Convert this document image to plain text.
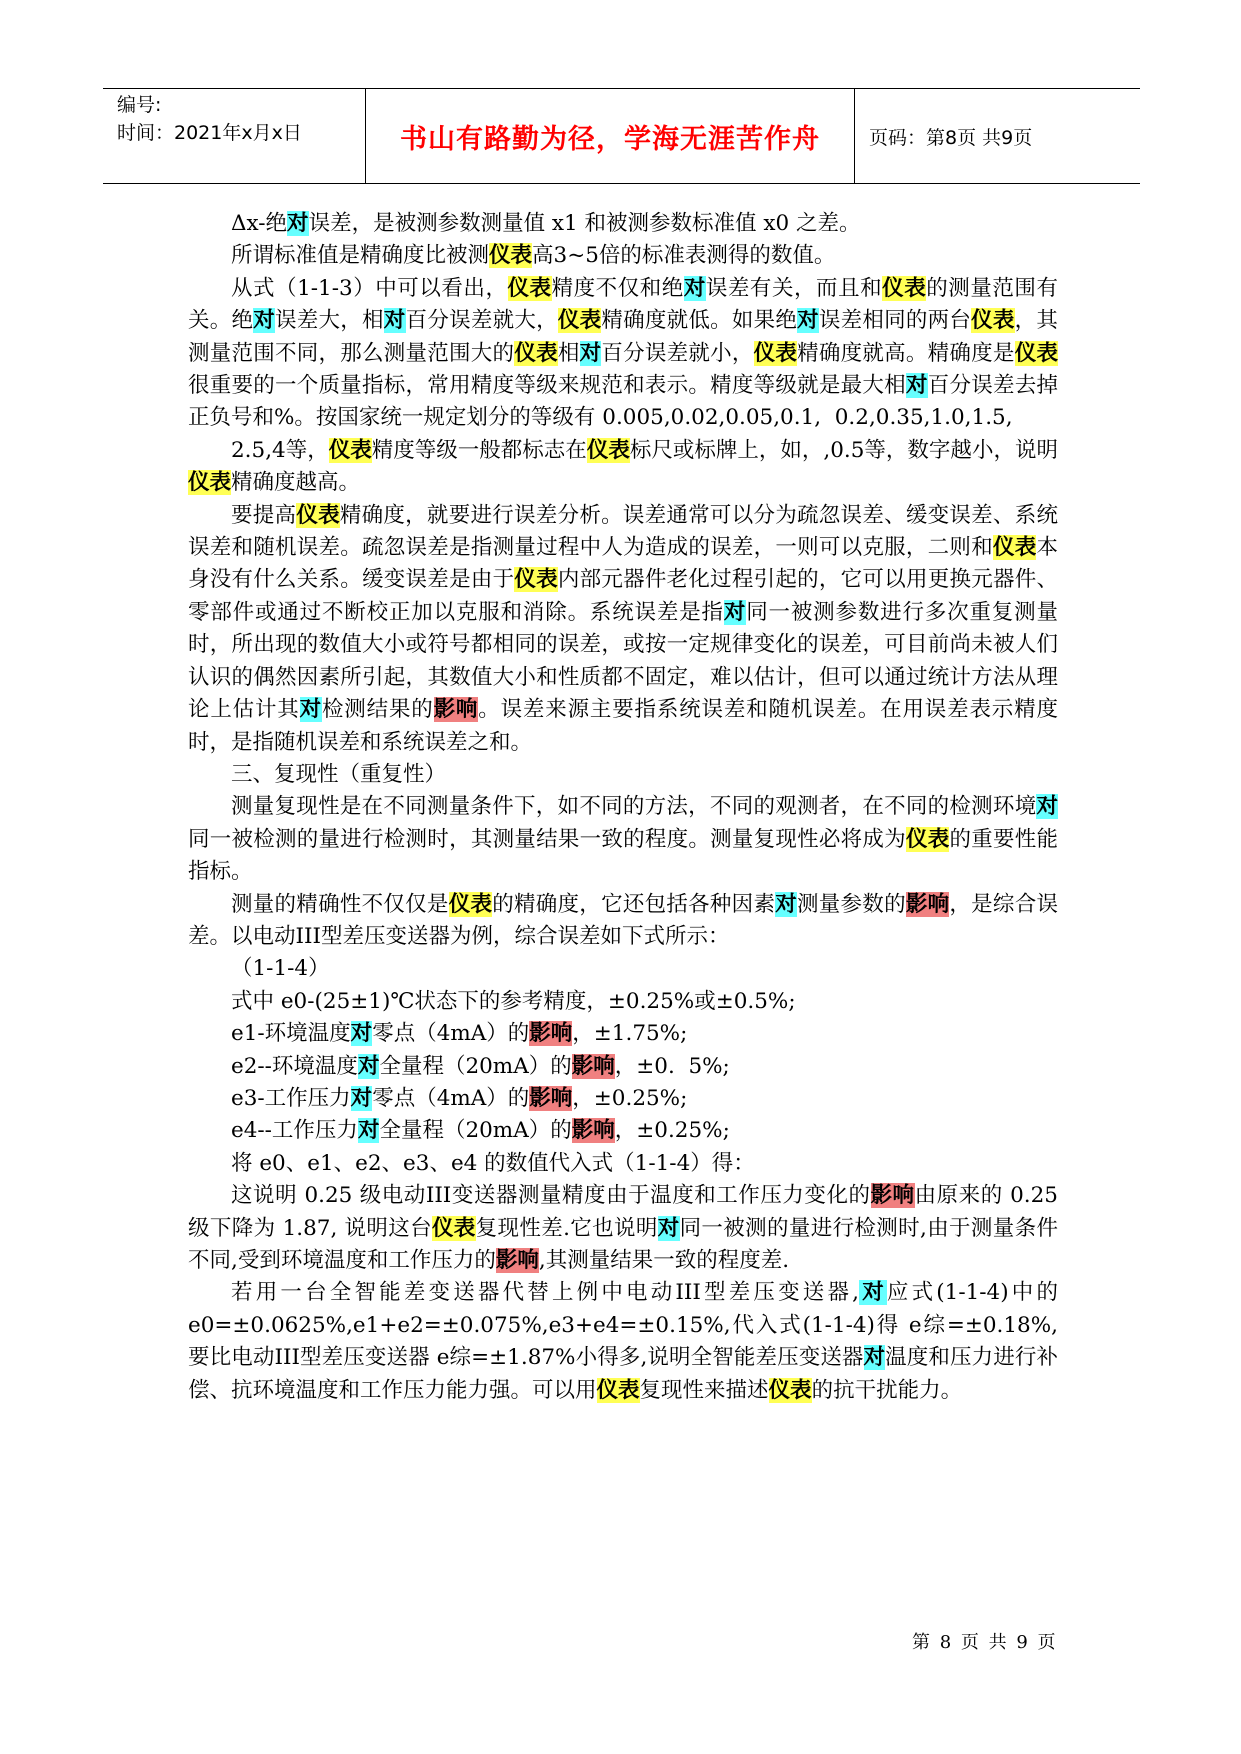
编号:
时间：2021年x月x日	书山有路勤为径，学海无涯苦作舟	页码：第8页 共9页

Δx-绝对误差，是被测参数测量值 x1 和被测参数标准值 x0 之差。

所谓标准值是精确度比被测仪表高3~5倍的标准表测得的数值。

从式（1-1-3）中可以看出，仪表精度不仅和绝对误差有关，而且和仪表的测量范围有关。绝对误差大，相对百分误差就大，仪表精确度就低。如果绝对误差相同的两台仪表，其测量范围不同，那么测量范围大的仪表相对百分误差就小，仪表精确度就高。精确度是仪表很重要的一个质量指标，常用精度等级来规范和表示。精度等级就是最大相对百分误差去掉正负号和%。按国家统一规定划分的等级有 0.005,0.02,0.05,0.1,  0.2,0.35,1.0,1.5,

2.5,4等，仪表精度等级一般都标志在仪表标尺或标牌上，如，,0.5等，数字越小，说明仪表精确度越高。

要提高仪表精确度，就要进行误差分析。误差通常可以分为疏忽误差、缓变误差、系统误差和随机误差。疏忽误差是指测量过程中人为造成的误差，一则可以克服，二则和仪表本身没有什么关系。缓变误差是由于仪表内部元器件老化过程引起的，它可以用更换元器件、零部件或通过不断校正加以克服和消除。系统误差是指对同一被测参数进行多次重复测量时，所出现的数值大小或符号都相同的误差，或按一定规律变化的误差，可目前尚未被人们认识的偶然因素所引起，其数值大小和性质都不固定，难以估计，但可以通过统计方法从理论上估计其对检测结果的影响。误差来源主要指系统误差和随机误差。在用误差表示精度时，是指随机误差和系统误差之和。

三、复现性（重复性）

测量复现性是在不同测量条件下，如不同的方法，不同的观测者，在不同的检测环境对同一被检测的量进行检测时，其测量结果一致的程度。测量复现性必将成为仪表的重要性能指标。

测量的精确性不仅仅是仪表的精确度，它还包括各种因素对测量参数的影响，是综合误差。以电动III型差压变送器为例，综合误差如下式所示：

（1-1-4）

式中 e0-(25±1)℃状态下的参考精度，±0.25%或±0.5%;

e1-环境温度对零点（4mA）的影响，±1.75%;

e2--环境温度对全量程（20mA）的影响，±0.  5%;

e3-工作压力对零点（4mA）的影响，±0.25%;

e4--工作压力对全量程（20mA）的影响，±0.25%;

将 e0、e1、e2、e3、e4 的数值代入式（1-1-4）得：

这说明 0.25 级电动III变送器测量精度由于温度和工作压力变化的影响由原来的 0.25 级下降为 1.87, 说明这台仪表复现性差.它也说明对同一被测的量进行检测时,由于测量条件不同,受到环境温度和工作压力的影响,其测量结果一致的程度差.

若用一台全智能差变送器代替上例中电动III型差压变送器,对应式(1-1-4)中的 e0=±0.0625%,e1+e2=±0.075%,e3+e4=±0.15%,代入式(1-1-4)得 e综=±0.18%,要比电动III型差压变送器 e综=±1.87%小得多,说明全智能差压变送器对温度和压力进行补偿、抗环境温度和工作压力能力强。可以用仪表复现性来描述仪表的抗干扰能力。

第 8 页 共 9 页
